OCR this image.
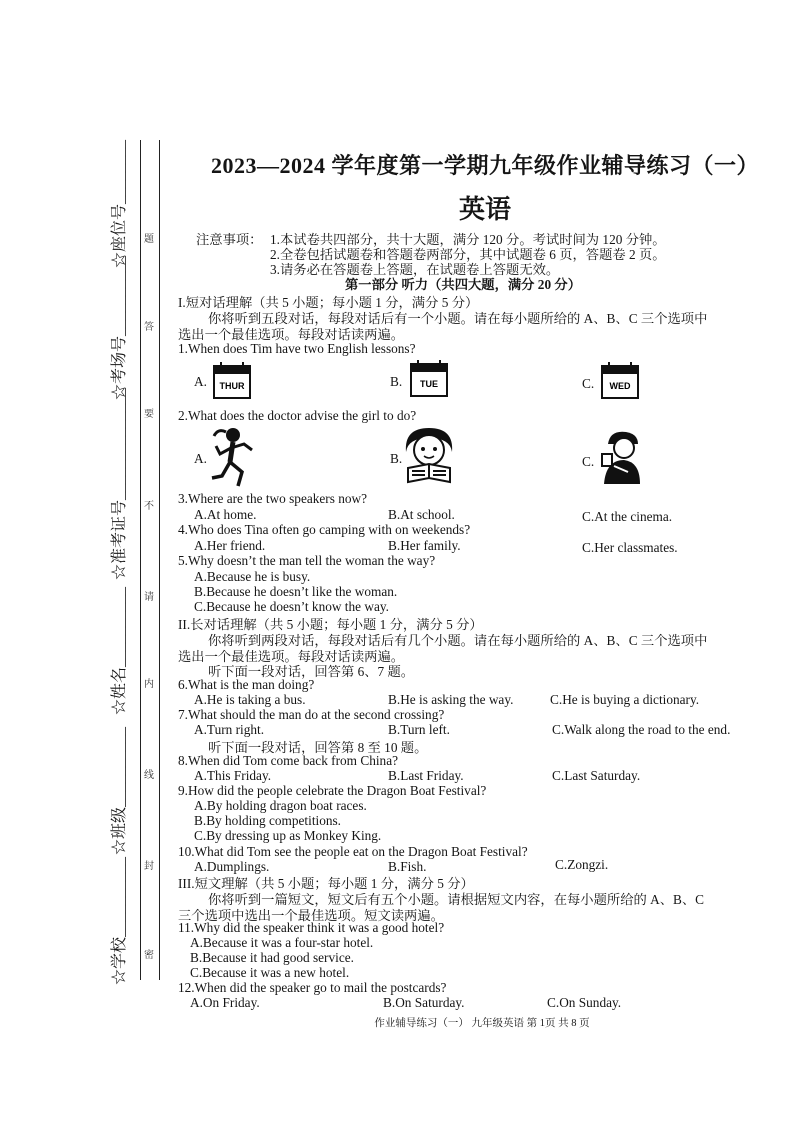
☆座位号________
☆考场号__________
☆准考证号______________
☆姓名__________
☆班级__________
☆学校__________
题
答
要
不
请
内
线
封
密
2023—2024 学年度第一学期九年级作业辅导练习（一）
英语
注意事项： 1.本试卷共四部分，共十大题，满分 120 分。考试时间为 120 分钟。
2.全卷包括试题卷和答题卷两部分，其中试题卷 6 页，答题卷 2 页。
3.请务必在答题卷上答题，在试题卷上答题无效。
第一部分 听力（共四大题，满分 20 分）
I.短对话理解（共 5 小题；每小题 1 分，满分 5 分）
你将听到五段对话，每段对话后有一个小题。请在每小题所给的 A、B、C 三个选项中
选出一个最佳选项。每段对话读两遍。
1.When does Tim have two English lessons?
A.	B.	C.
THUR	TUE	WED
2.What does the doctor advise the girl to do?
A.	B.	C.
3.Where are the two speakers now?
A.At home.	B.At school.	C.At the cinema.
4.Who does Tina often go camping with on weekends?
A.Her friend.	B.Her family.	C.Her classmates.
5.Why doesn’t the man tell the woman the way?
A.Because he is busy.
B.Because he doesn’t like the woman.
C.Because he doesn’t know the way.
II.长对话理解（共 5 小题；每小题 1 分，满分 5 分）
你将听到两段对话，每段对话后有几个小题。请在每小题所给的 A、B、C 三个选项中
选出一个最佳选项。每段对话读两遍。
听下面一段对话，回答第 6、7 题。
6.What is the man doing?
A.He is taking a bus.	B.He is asking the way.	C.He is buying a dictionary.
7.What should the man do at the second crossing?
A.Turn right.	B.Turn left.	C.Walk along the road to the end.
听下面一段对话，回答第 8 至 10 题。
8.When did Tom come back from China?
A.This Friday.	B.Last Friday.	C.Last Saturday.
9.How did the people celebrate the Dragon Boat Festival?
A.By holding dragon boat races.
B.By holding competitions.
C.By dressing up as Monkey King.
10.What did Tom see the people eat on the Dragon Boat Festival?
A.Dumplings.	B.Fish.	C.Zongzi.
III.短文理解（共 5 小题；每小题 1 分，满分 5 分）
你将听到一篇短文，短文后有五个小题。请根据短文内容，在每小题所给的 A、B、C
三个选项中选出一个最佳选项。短文读两遍。
11.Why did the speaker think it was a good hotel?
A.Because it was a four-star hotel.
B.Because it had good service.
C.Because it was a new hotel.
12.When did the speaker go to mail the postcards?
A.On Friday.	B.On Saturday.	C.On Sunday.
作业辅导练习（一） 九年级英语 第 1页 共 8 页
